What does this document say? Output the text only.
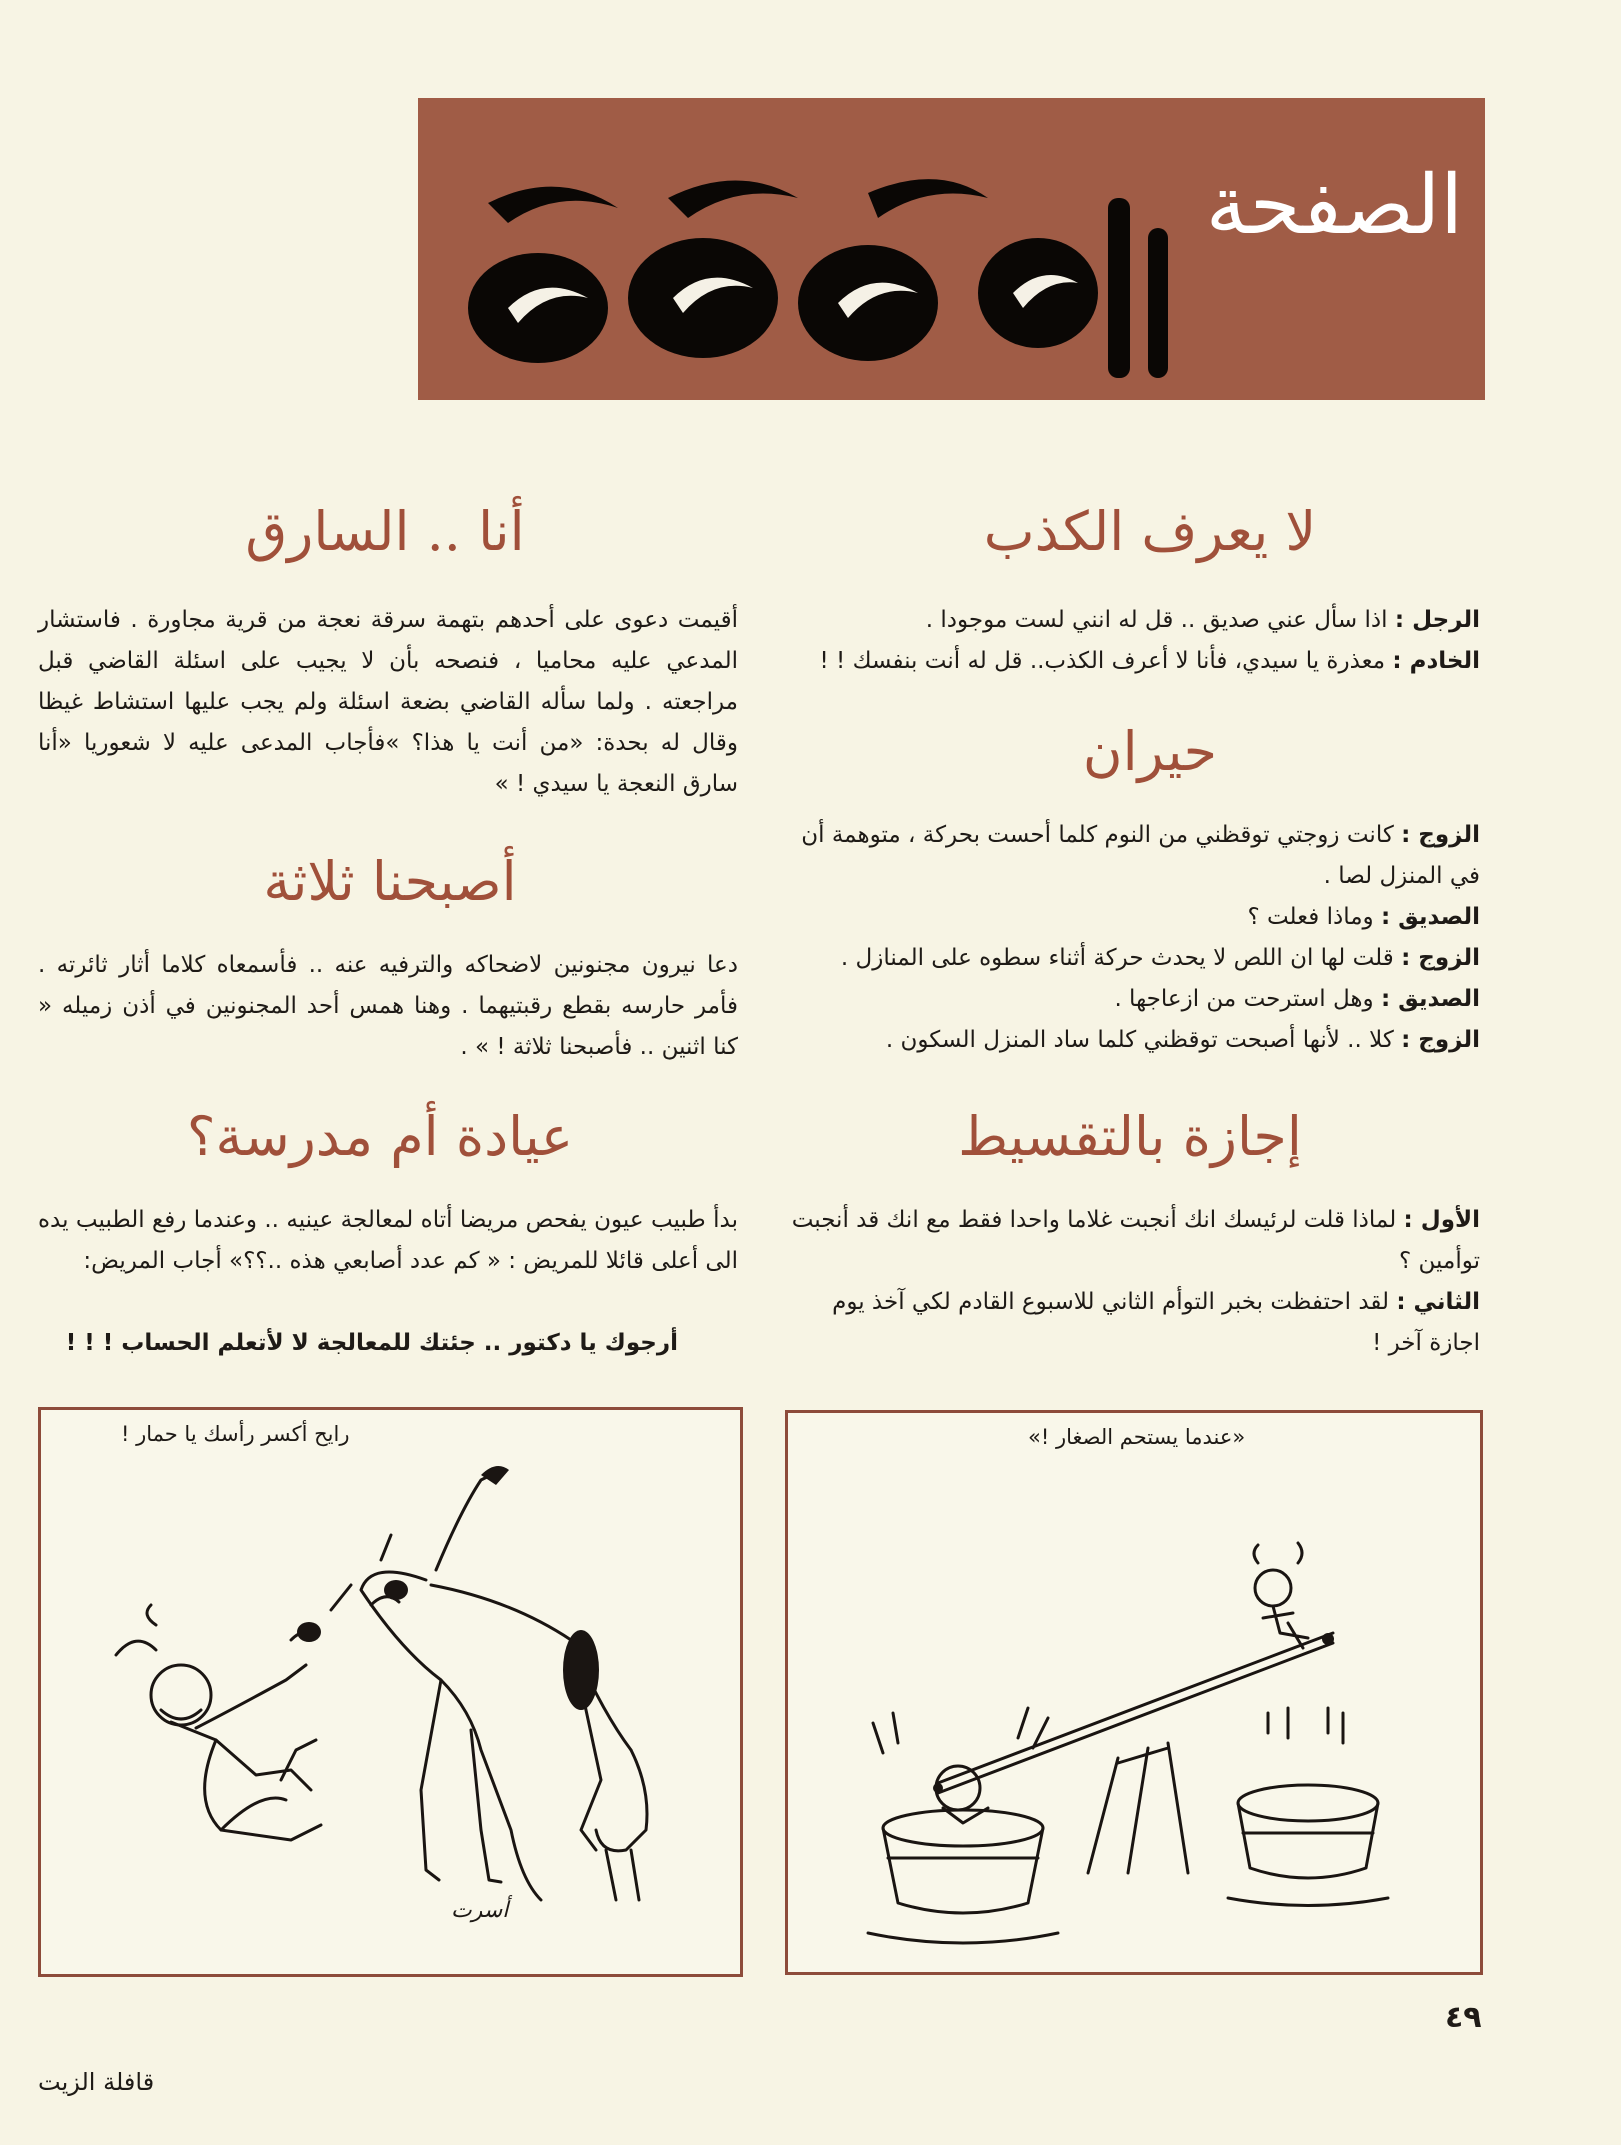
الصفحة
لا يعرف الكذب
الرجل : اذا سأل عني صديق .. قل له انني لست موجودا .
الخادم : معذرة يا سيدي، فأنا لا أعرف الكذب.. قل له أنت بنفسك ! !
حيران
الزوج : كانت زوجتي توقظني من النوم كلما أحست بحركة ، متوهمة أن في المنزل لصا .
الصديق : وماذا فعلت ؟
الزوج : قلت لها ان اللص لا يحدث حركة أثناء سطوه على المنازل .
الصديق : وهل استرحت من ازعاجها .
الزوج : كلا .. لأنها أصبحت توقظني كلما ساد المنزل السكون .
إجازة بالتقسيط
الأول : لماذا قلت لرئيسك انك أنجبت غلاما واحدا فقط مع انك قد أنجبت توأمين ؟
الثاني : لقد احتفظت بخبر التوأم الثاني للاسبوع القادم لكي آخذ يوم اجازة آخر !
أنا .. السارق
أقيمت دعوى على أحدهم بتهمة سرقة نعجة من قرية مجاورة . فاستشار المدعي عليه محاميا ، فنصحه بأن لا يجيب على اسئلة القاضي قبل مراجعته . ولما سأله القاضي بضعة اسئلة ولم يجب عليها استشاط غيظا وقال له بحدة: «من أنت يا هذا؟ »فأجاب المدعى عليه لا شعوريا «أنا سارق النعجة يا سيدي ! »
أصبحنا ثلاثة
دعا نيرون مجنونين لاضحاكه والترفيه عنه .. فأسمعاه كلاما أثار ثائرته . فأمر حارسه بقطع رقبتيهما . وهنا همس أحد المجنونين في أذن زميله « كنا اثنين .. فأصبحنا ثلاثة ! » .
عيادة أم مدرسة؟
بدأ طبيب عيون يفحص مريضا أتاه لمعالجة عينيه .. وعندما رفع الطبيب يده الى أعلى قائلا للمريض : « كم عدد أصابعي هذه ..؟؟» أجاب المريض:
أرجوك يا دكتور .. جئتك للمعالجة لا لأتعلم الحساب ! ! !
رايح أكسر رأسك يا حمار !
أسرت
«عندما يستحم الصغار !»
٤٩
قافلة الزيت
